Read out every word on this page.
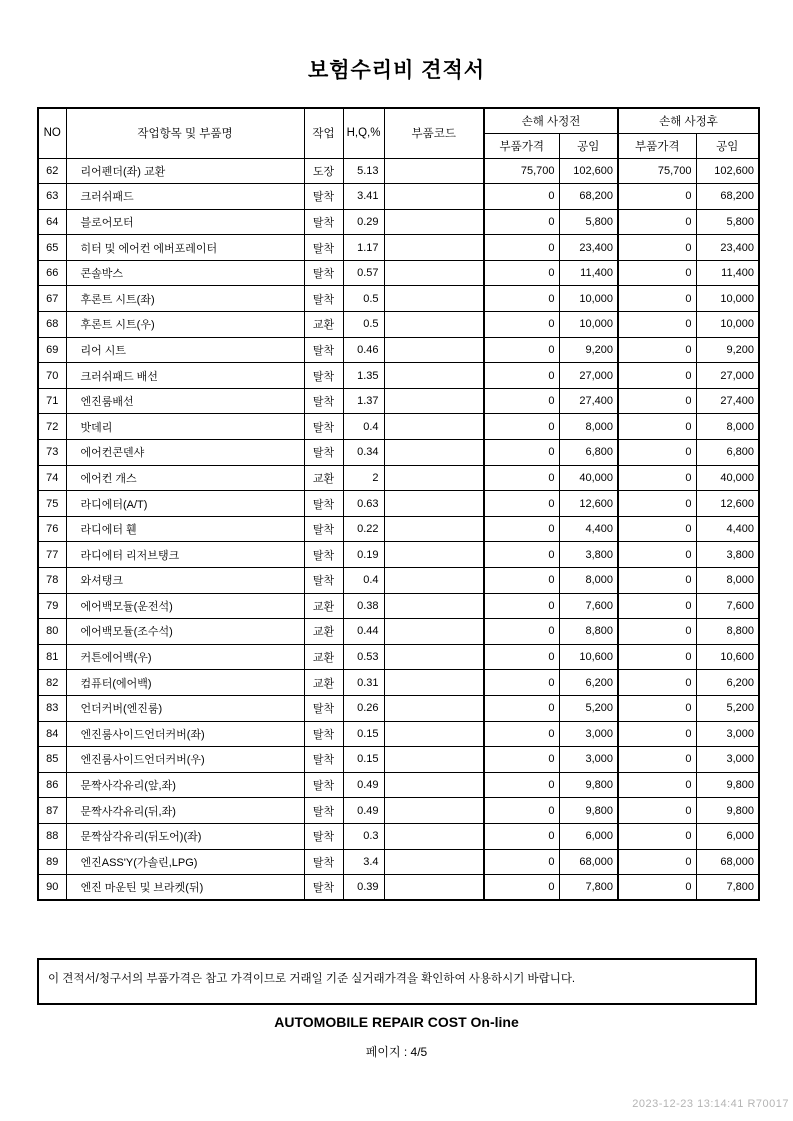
보험수리비 견적서
NO	작업항목 및 부품명	작업	H,Q,%	부품코드	손해 사정전		손해 사정후	
					부품가격	공임	부품가격	공임
62	리어펜더(좌) 교환	도장	5.13		75,700	102,600	75,700	102,600
63	크러쉬패드	탈착	3.41		0	68,200	0	68,200
64	블로어모터	탈착	0.29		0	5,800	0	5,800
65	히터 및 에어컨 에버포레이터	탈착	1.17		0	23,400	0	23,400
66	콘솔박스	탈착	0.57		0	11,400	0	11,400
67	후론트 시트(좌)	탈착	0.5		0	10,000	0	10,000
68	후론트 시트(우)	교환	0.5		0	10,000	0	10,000
69	리어 시트	탈착	0.46		0	9,200	0	9,200
70	크러쉬패드 배선	탈착	1.35		0	27,000	0	27,000
71	엔진룸배선	탈착	1.37		0	27,400	0	27,400
72	밧데리	탈착	0.4		0	8,000	0	8,000
73	에어컨콘덴샤	탈착	0.34		0	6,800	0	6,800
74	에어컨 개스	교환	2		0	40,000	0	40,000
75	라디에터(A/T)	탈착	0.63		0	12,600	0	12,600
76	라디에터 휀	탈착	0.22		0	4,400	0	4,400
77	라디에터 리저브탱크	탈착	0.19		0	3,800	0	3,800
78	와셔탱크	탈착	0.4		0	8,000	0	8,000
79	에어백모듈(운전석)	교환	0.38		0	7,600	0	7,600
80	에어백모듈(조수석)	교환	0.44		0	8,800	0	8,800
81	커튼에어백(우)	교환	0.53		0	10,600	0	10,600
82	컴퓨터(에어백)	교환	0.31		0	6,200	0	6,200
83	언더커버(엔진룸)	탈착	0.26		0	5,200	0	5,200
84	엔진룸사이드언더커버(좌)	탈착	0.15		0	3,000	0	3,000
85	엔진룸사이드언더커버(우)	탈착	0.15		0	3,000	0	3,000
86	문짝사각유리(앞,좌)	탈착	0.49		0	9,800	0	9,800
87	문짝사각유리(뒤,좌)	탈착	0.49		0	9,800	0	9,800
88	문짝삼각유리(뒤도어)(좌)	탈착	0.3		0	6,000	0	6,000
89	엔진ASS'Y(가솔린,LPG)	탈착	3.4		0	68,000	0	68,000
90	엔진 마운틴 및 브라켓(뒤)	탈착	0.39		0	7,800	0	7,800
이 견적서/청구서의 부품가격은 참고 가격이므로 거래일 기준 실거래가격을 확인하여 사용하시기 바랍니다.
AUTOMOBILE REPAIR COST On-line
페이지 : 4/5
2023-12-23 13:14:41 R70017
